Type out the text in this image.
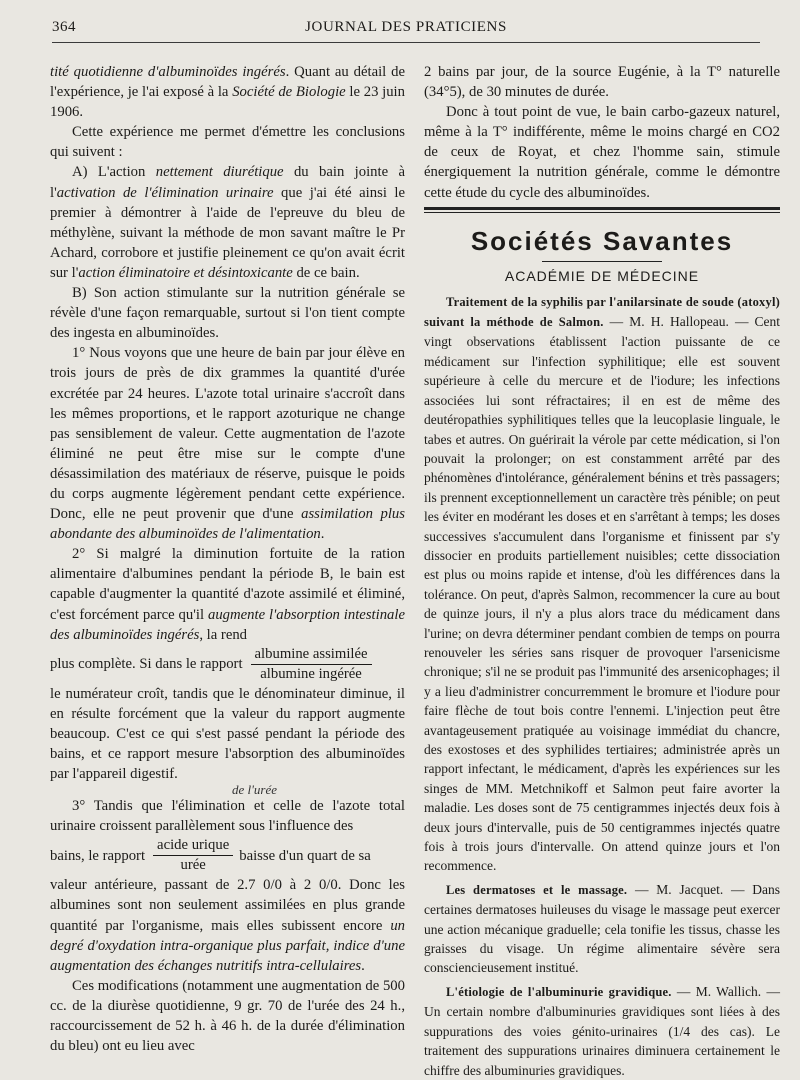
364	JOURNAL DES PRATICIENS

tité quotidienne d'albuminoïdes ingérés. Quant au détail de l'expérience, je l'ai exposé à la Société de Biologie le 23 juin 1906.

Cette expérience me permet d'émettre les conclusions qui suivent :

A) L'action nettement diurétique du bain jointe à l'activation de l'élimination urinaire que j'ai été ainsi le premier à démontrer à l'aide de l'epreuve du bleu de méthylène, suivant la méthode de mon savant maître le Pr Achard, corrobore et justifie pleinement ce qu'on avait écrit sur l'action éliminatoire et désintoxicante de ce bain.

B) Son action stimulante sur la nutrition générale se révèle d'une façon remarquable, surtout si l'on tient compte des ingesta en albuminoïdes.

1° Nous voyons que une heure de bain par jour élève en trois jours de près de dix grammes la quantité d'urée excrétée par 24 heures. L'azote total urinaire s'accroît dans les mêmes proportions, et le rapport azoturique ne change pas sensiblement de valeur. Cette augmentation de l'azote éliminé ne peut être mise sur le compte d'une désassimilation des matériaux de réserve, puisque le poids du corps augmente légèrement pendant cette expérience. Donc, elle ne peut provenir que d'une assimilation plus abondante des albuminoïdes de l'alimentation.

2° Si malgré la diminution fortuite de la ration alimentaire d'albumines pendant la période B, le bain est capable d'augmenter la quantité d'azote assimilé et éliminé, c'est forcément parce qu'il augmente l'absorption intestinale des albuminoïdes ingérés, la rend

plus complète. Si dans le rapport $\frac{\text{albumine assimilée}}{\text{albumine ingérée}}$

le numérateur croît, tandis que le dénominateur diminue, il en résulte forcément que la valeur du rapport augmente beaucoup. C'est ce qui s'est passé pendant la période des bains, et ce rapport mesure l'absorption des albuminoïdes par l'appareil digestif.

de l'urée

3° Tandis que l'élimination et celle de l'azote total urinaire croissent parallèlement sous l'influence des

bains, le rapport $\frac{\text{acide urique}}{\text{urée}}$ baisse d'un quart de sa

valeur antérieure, passant de 2.7 0/0 à 2 0/0. Donc les albumines sont non seulement assimilées en plus grande quantité par l'organisme, mais elles subissent encore un degré d'oxydation intra-organique plus parfait, indice d'une augmentation des échanges nutritifs intra-cellulaires.

Ces modifications (notamment une augmentation de 500 cc. de la diurèse quotidienne, 9 gr. 70 de l'urée des 24 h., raccourcissement de 52 h. à 46 h. de la durée d'élimination du bleu) ont eu lieu avec

2 bains par jour, de la source Eugénie, à la T° naturelle (34°5), de 30 minutes de durée.

Donc à tout point de vue, le bain carbo-gazeux naturel, même à la T° indifférente, même le moins chargé en CO2 de ceux de Royat, et chez l'homme sain, stimule énergiquement la nutrition générale, comme le démontre cette étude du cycle des albuminoïdes.

Sociétés Savantes
ACADÉMIE DE MÉDECINE

Traitement de la syphilis par l'anilarsinate de soude (atoxyl) suivant la méthode de Salmon. — M. H. Hallopeau. — Cent vingt observations établissent l'action puissante de ce médicament sur l'infection syphilitique; elle est souvent supérieure à celle du mercure et de l'iodure; les infections associées lui sont réfractaires; il en est de même des deutéropathies syphilitiques telles que la leucoplasie linguale, le tabes et autres. On guérirait la vérole par cette médication, si l'on pouvait la prolonger; on est constamment arrêté par des phénomènes d'intolérance, généralement bénins et très passagers; ils prennent exceptionnellement un caractère très pénible; on peut les éviter en modérant les doses et en s'arrêtant à temps; les doses successives s'accumulent dans l'organisme et finissent par s'y dissocier en produits partiellement nuisibles; cette dissociation est plus ou moins rapide et intense, d'où les différences dans la tolérance. On peut, d'après Salmon, recommencer la cure au bout de quinze jours, il n'y a plus alors trace du médicament dans l'urine; on devra déterminer pendant combien de temps on pourra renouveler les séries sans risquer de provoquer l'arsenicisme chronique; s'il ne se produit pas l'immunité des arsenicophages; il y a lieu d'administrer concurremment le bromure et l'iodure pour faire flèche de tout bois contre l'ennemi. L'injection peut être avantageusement pratiquée au voisinage immédiat du chancre, des exostoses et des syphilides tertiaires; administrée après un rapport infectant, le médicament, d'après les expériences sur les singes de MM. Metchnikoff et Salmon peut faire avorter la maladie. Les doses sont de 75 centigrammes injectés deux fois à deux jours d'intervalle, puis de 50 centigrammes injectés quatre fois à trois jours d'intervalle. On attend quinze jours et l'on recommence.

Les dermatoses et le massage. — M. Jacquet. — Dans certaines dermatoses huileuses du visage le massage peut exercer une action mécanique graduelle; cela tonifie les tissus, chasse les graisses du visage. Un régime alimentaire sévère sera consciencieusement institué.

L'étiologie de l'albuminurie gravidique. — M. Wallich. — Un certain nombre d'albuminuries gravidiques sont liées à des suppurations des voies génito-urinaires (1/4 des cas). Le traitement des suppurations urinaires diminuera certainement le chiffre des albuminuries gravidiques.
